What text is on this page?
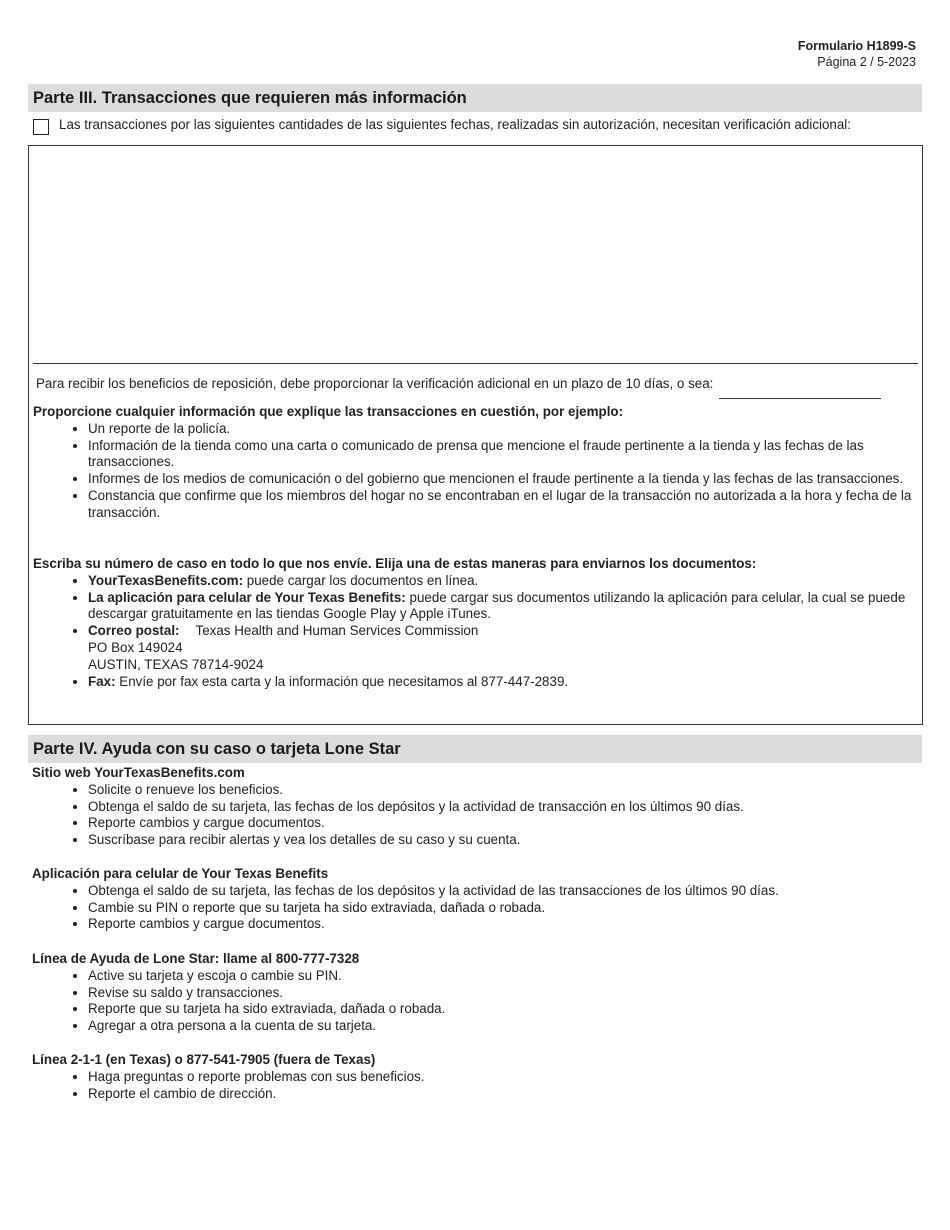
Formulario H1899-S
Página 2 / 5-2023
Parte III. Transacciones que requieren más información
Las transacciones por las siguientes cantidades de las siguientes fechas, realizadas sin autorización, necesitan verificación adicional:
Para recibir los beneficios de reposición, debe proporcionar la verificación adicional en un plazo de 10 días, o sea:
Proporcione cualquier información que explique las transacciones en cuestión, por ejemplo:
• Un reporte de la policía.
• Información de la tienda como una carta o comunicado de prensa que mencione el fraude pertinente a la tienda y las fechas de las transacciones.
• Informes de los medios de comunicación o del gobierno que mencionen el fraude pertinente a la tienda y las fechas de las transacciones.
• Constancia que confirme que los miembros del hogar no se encontraban en el lugar de la transacción no autorizada a la hora y fecha de la transacción.
Escriba su número de caso en todo lo que nos envíe. Elija una de estas maneras para enviarnos los documentos:
• YourTexasBenefits.com: puede cargar los documentos en línea.
• La aplicación para celular de Your Texas Benefits: puede cargar sus documentos utilizando la aplicación para celular, la cual se puede descargar gratuitamente en las tiendas Google Play y Apple iTunes.
• Correo postal: Texas Health and Human Services Commission
PO Box 149024
AUSTIN, TEXAS 78714-9024
• Fax: Envíe por fax esta carta y la información que necesitamos al 877-447-2839.
Parte IV. Ayuda con su caso o tarjeta Lone Star
Sitio web YourTexasBenefits.com
• Solicite o renueve los beneficios.
• Obtenga el saldo de su tarjeta, las fechas de los depósitos y la actividad de transacción en los últimos 90 días.
• Reporte cambios y cargue documentos.
• Suscríbase para recibir alertas y vea los detalles de su caso y su cuenta.
Aplicación para celular de Your Texas Benefits
• Obtenga el saldo de su tarjeta, las fechas de los depósitos y la actividad de las transacciones de los últimos 90 días.
• Cambie su PIN o reporte que su tarjeta ha sido extraviada, dañada o robada.
• Reporte cambios y cargue documentos.
Línea de Ayuda de Lone Star: llame al 800-777-7328
• Active su tarjeta y escoja o cambie su PIN.
• Revise su saldo y transacciones.
• Reporte que su tarjeta ha sido extraviada, dañada o robada.
• Agregar a otra persona a la cuenta de su tarjeta.
Línea 2-1-1 (en Texas) o 877-541-7905 (fuera de Texas)
• Haga preguntas o reporte problemas con sus beneficios.
• Reporte el cambio de dirección.
